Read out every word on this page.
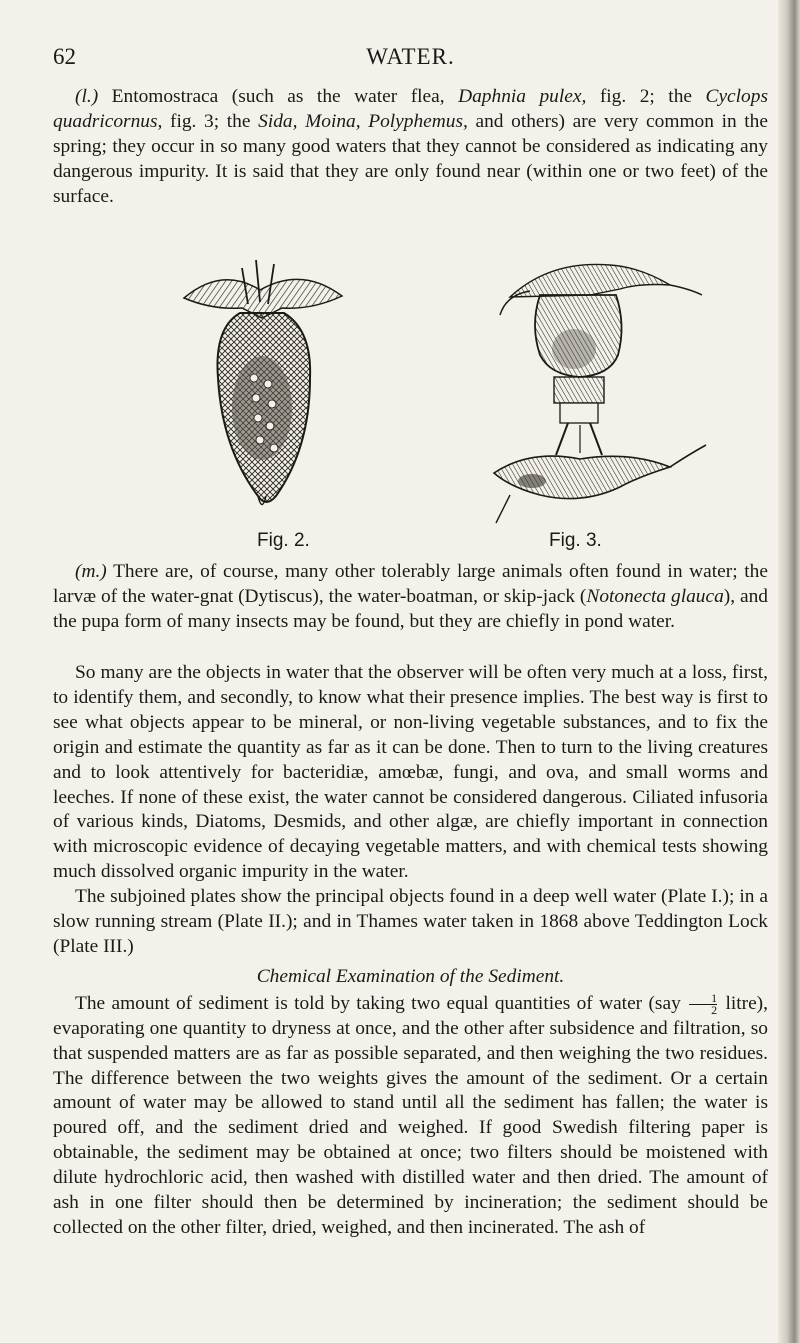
62	WATER.

(l.) Entomostraca (such as the water flea, Daphnia pulex, fig. 2; the Cyclops quadricornus, fig. 3; the Sida, Moina, Polyphemus, and others) are very common in the spring; they occur in so many good waters that they cannot be considered as indicating any dangerous impurity. It is said that they are only found near (within one or two feet) of the surface.

Fig. 2.	Fig. 3.

(m.) There are, of course, many other tolerably large animals often found in water; the larvæ of the water-gnat (Dytiscus), the water-boatman, or skip-jack (Notonecta glauca), and the pupa form of many insects may be found, but they are chiefly in pond water.

So many are the objects in water that the observer will be often very much at a loss, first, to identify them, and secondly, to know what their presence implies. The best way is first to see what objects appear to be mineral, or non-living vegetable substances, and to fix the origin and estimate the quantity as far as it can be done. Then to turn to the living creatures and to look attentively for bacteridiæ, amœbæ, fungi, and ova, and small worms and leeches. If none of these exist, the water cannot be considered dangerous. Ciliated infusoria of various kinds, Diatoms, Desmids, and other algæ, are chiefly important in connection with microscopic evidence of decaying vegetable matters, and with chemical tests showing much dissolved organic impurity in the water.

The subjoined plates show the principal objects found in a deep well water (Plate I.); in a slow running stream (Plate II.); and in Thames water taken in 1868 above Teddington Lock (Plate III.)

Chemical Examination of the Sediment.

The amount of sediment is told by taking two equal quantities of water ($say \frac{1}{2}$ litre), evaporating one quantity to dryness at once, and the other after subsidence and filtration, so that suspended matters are as far as possible separated, and then weighing the two residues. The difference between the two weights gives the amount of the sediment. Or a certain amount of water may be allowed to stand until all the sediment has fallen; the water is poured off, and the sediment dried and weighed. If good Swedish filtering paper is obtainable, the sediment may be obtained at once; two filters should be moistened with dilute hydrochloric acid, then washed with distilled water and then dried. The amount of ash in one filter should then be determined by incineration; the sediment should be collected on the other filter, dried, weighed, and then incinerated. The ash of
